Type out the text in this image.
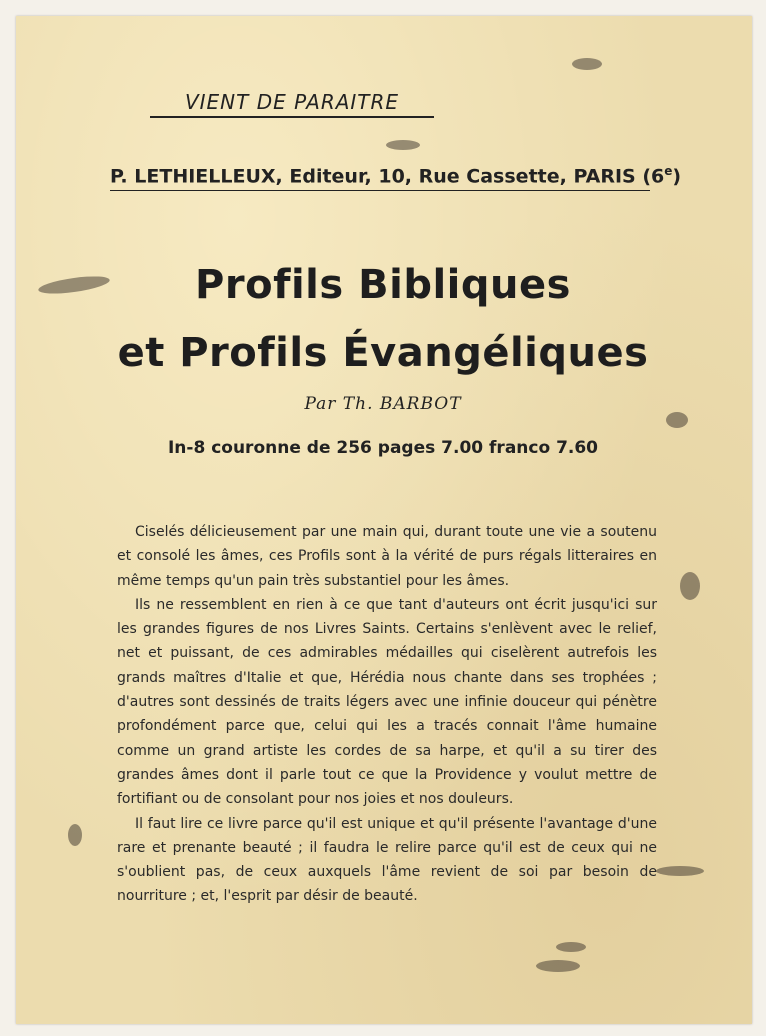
VIENT DE PARAITRE
P. LETHIELLEUX, Editeur, 10, Rue Cassette, PARIS (6e)
Profils Bibliques
et Profils Évangéliques
Par Th. BARBOT
In-8 couronne de 256 pages 7.00 franco 7.60

Ciselés délicieusement par une main qui, durant toute une vie a soutenu et consolé les âmes, ces Profils sont à la vérité de purs régals litteraires en même temps qu'un pain très substantiel pour les âmes.

Ils ne ressemblent en rien à ce que tant d'auteurs ont écrit jusqu'ici sur les grandes figures de nos Livres Saints. Certains s'enlèvent avec le relief, net et puissant, de ces admirables médailles qui ciselèrent autrefois les grands maîtres d'Italie et que, Hérédia nous chante dans ses trophées ; d'autres sont dessinés de traits légers avec une infinie douceur qui pénètre profondément parce que, celui qui les a tracés connait l'âme humaine comme un grand artiste les cordes de sa harpe, et qu'il a su tirer des grandes âmes dont il parle tout ce que la Providence y voulut mettre de fortifiant ou de consolant pour nos joies et nos douleurs.

Il faut lire ce livre parce qu'il est unique et qu'il présente l'avantage d'une rare et prenante beauté ; il faudra le relire parce qu'il est de ceux qui ne s'oublient pas, de ceux auxquels l'âme revient de soi par besoin de nourriture ; et, l'esprit par désir de beauté.
